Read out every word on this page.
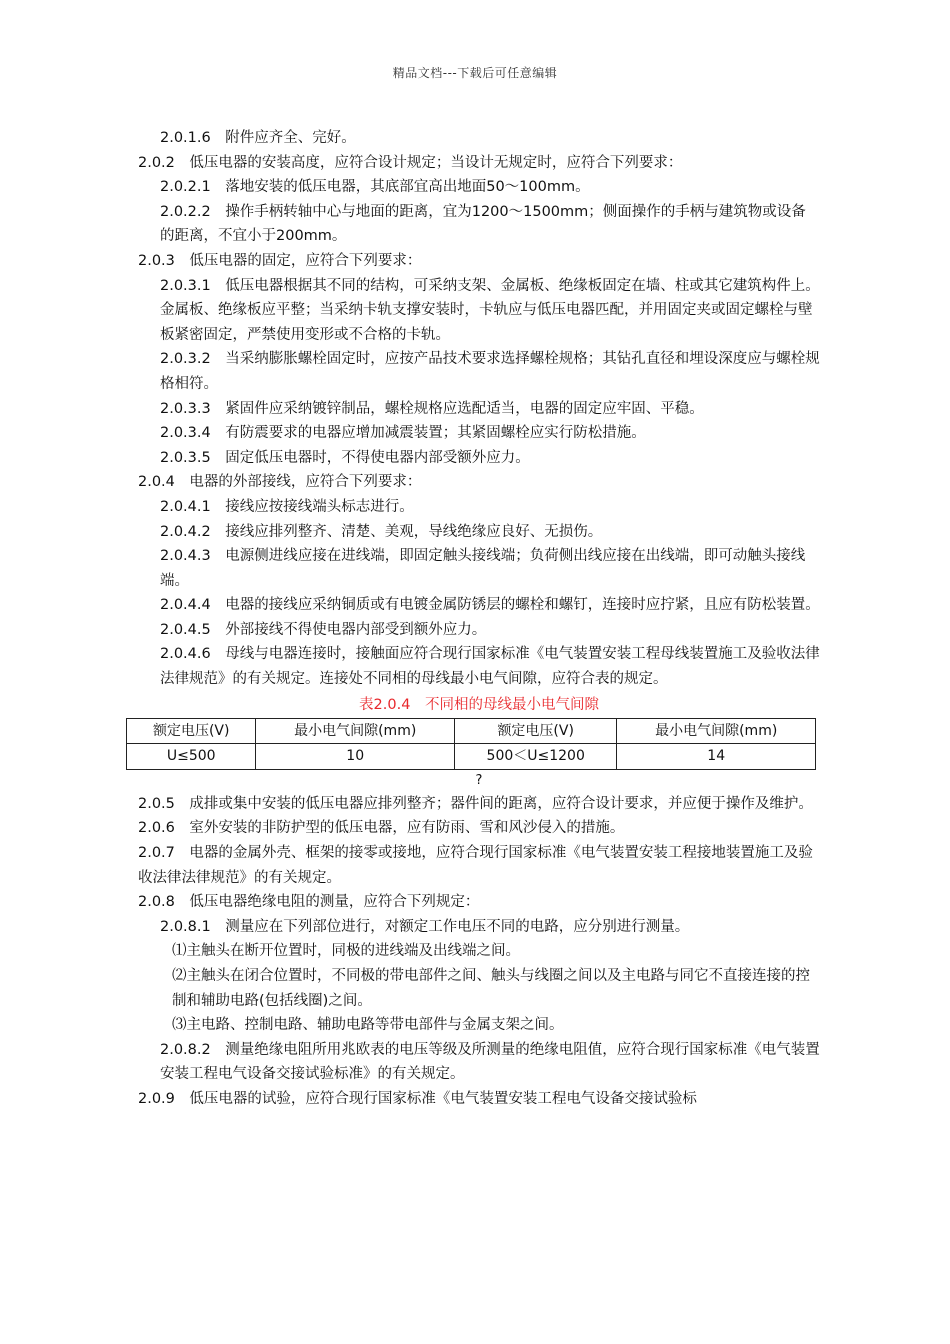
精品文档---下载后可任意编辑
2.0.1.6　附件应齐全、完好。
2.0.2　低压电器的安装高度，应符合设计规定；当设计无规定时，应符合下列要求：
2.0.2.1　落地安装的低压电器，其底部宜高出地面50～100mm。
2.0.2.2　操作手柄转轴中心与地面的距离，宜为1200～1500mm；侧面操作的手柄与建筑物或设备的距离，不宜小于200mm。
2.0.3　低压电器的固定，应符合下列要求：
2.0.3.1　低压电器根据其不同的结构，可采纳支架、金属板、绝缘板固定在墙、柱或其它建筑构件上。金属板、绝缘板应平整；当采纳卡轨支撑安装时，卡轨应与低压电器匹配，并用固定夹或固定螺栓与壁板紧密固定，严禁使用变形或不合格的卡轨。
2.0.3.2　当采纳膨胀螺栓固定时，应按产品技术要求选择螺栓规格；其钻孔直径和埋设深度应与螺栓规格相符。
2.0.3.3　紧固件应采纳镀锌制品，螺栓规格应选配适当，电器的固定应牢固、平稳。
2.0.3.4　有防震要求的电器应增加减震装置；其紧固螺栓应实行防松措施。
2.0.3.5　固定低压电器时，不得使电器内部受额外应力。
2.0.4　电器的外部接线，应符合下列要求：
2.0.4.1　接线应按接线端头标志进行。
2.0.4.2　接线应排列整齐、清楚、美观，导线绝缘应良好、无损伤。
2.0.4.3　电源侧进线应接在进线端，即固定触头接线端；负荷侧出线应接在出线端，即可动触头接线端。
2.0.4.4　电器的接线应采纳铜质或有电镀金属防锈层的螺栓和螺钉，连接时应拧紧，且应有防松装置。
2.0.4.5　外部接线不得使电器内部受到额外应力。
2.0.4.6　母线与电器连接时，接触面应符合现行国家标准《电气装置安装工程母线装置施工及验收法律法律规范》的有关规定。连接处不同相的母线最小电气间隙，应符合表的规定。
表2.0.4　不同相的母线最小电气间隙
额定电压(V)	最小电气间隙(mm)	额定电压(V)	最小电气间隙(mm)
U≤500	10	500＜U≤1200	14
?
2.0.5　成排或集中安装的低压电器应排列整齐；器件间的距离，应符合设计要求，并应便于操作及维护。
2.0.6　室外安装的非防护型的低压电器，应有防雨、雪和风沙侵入的措施。
2.0.7　电器的金属外壳、框架的接零或接地，应符合现行国家标准《电气装置安装工程接地装置施工及验收法律法律规范》的有关规定。
2.0.8　低压电器绝缘电阻的测量，应符合下列规定：
2.0.8.1　测量应在下列部位进行，对额定工作电压不同的电路，应分别进行测量。
⑴主触头在断开位置时，同极的进线端及出线端之间。
⑵主触头在闭合位置时，不同极的带电部件之间、触头与线圈之间以及主电路与同它不直接连接的控制和辅助电路(包括线圈)之间。
⑶主电路、控制电路、辅助电路等带电部件与金属支架之间。
2.0.8.2　测量绝缘电阻所用兆欧表的电压等级及所测量的绝缘电阻值，应符合现行国家标准《电气装置安装工程电气设备交接试验标准》的有关规定。
2.0.9　低压电器的试验，应符合现行国家标准《电气装置安装工程电气设备交接试验标
